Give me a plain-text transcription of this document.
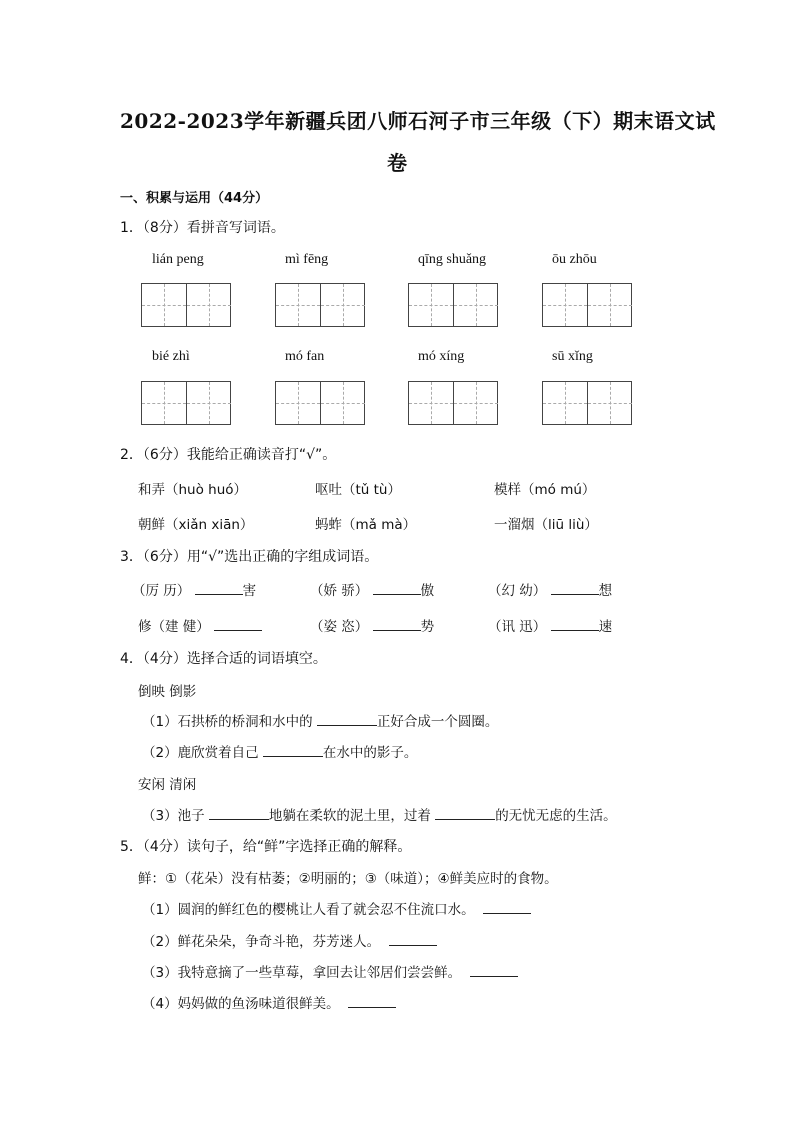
2022-2023学年新疆兵团八师石河子市三年级（下）期末语文试
卷
一、积累与运用（44分）
1．（8分）看拼音写词语。
lián peng	mì fēng	qīng shuǎng	ōu zhōu
bié zhì	mó fan	mó xíng	sū xǐng
2．（6分）我能给正确读音打“√”。
和弄（huò huó）	呕吐（tǔ tù）	模样（mó mú）
朝鲜（xiǎn xiān）	蚂蚱（mǎ mà）	一溜烟（liū liù）
3．（6分）用“√”选出正确的字组成词语。
（厉 历）	害	（娇 骄）	傲	（幻 幼）	想
修（建 健）	（姿 恣）	势	（讯 迅）	速
4．（4分）选择合适的词语填空。
倒映 倒影
（1）石拱桥的桥洞和水中的	正好合成一个圆圈。
（2）鹿欣赏着自己	在水中的影子。
安闲 清闲
（3）池子	地躺在柔软的泥土里，过着	的无忧无虑的生活。
5．（4分）读句子，给“鲜”字选择正确的解释。
鲜：①（花朵）没有枯萎；②明丽的；③（味道）；④鲜美应时的食物。
（1）圆润的鲜红色的樱桃让人看了就会忍不住流口水。
（2）鲜花朵朵，争奇斗艳，芬芳迷人。
（3）我特意摘了一些草莓，拿回去让邻居们尝尝鲜。
（4）妈妈做的鱼汤味道很鲜美。
